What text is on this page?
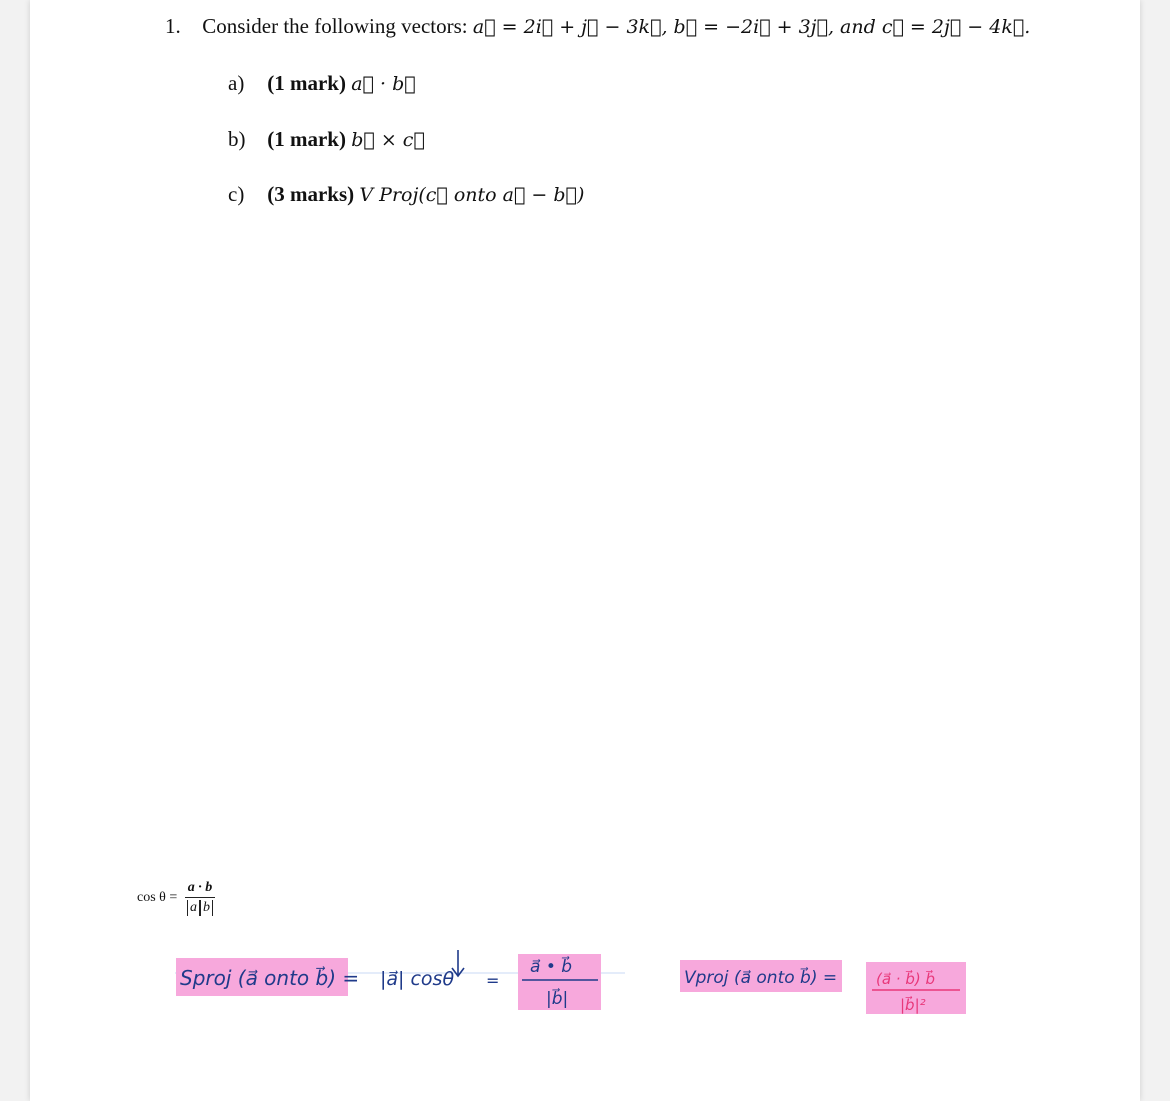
1. Consider the following vectors: a⃗ = 2i⃗ + j⃗ − 3k⃗, b⃗ = −2i⃗ + 3j⃗, and c⃗ = 2j⃗ − 4k⃗.
a) (1 mark) a⃗ · b⃗
b) (1 mark) b⃗ × c⃗
c) (3 marks) V Proj(c⃗ onto a⃗ − b⃗)
$\cos \theta = \frac{a \cdot b}{\text{a b}}$
Sproj (a⃗ onto b⃗) = |a⃗| cosθ =
a⃗ • b⃗
|b⃗|
Vproj (a⃗ onto b⃗) =	(a⃗ · b⃗) b⃗
|b⃗|²
